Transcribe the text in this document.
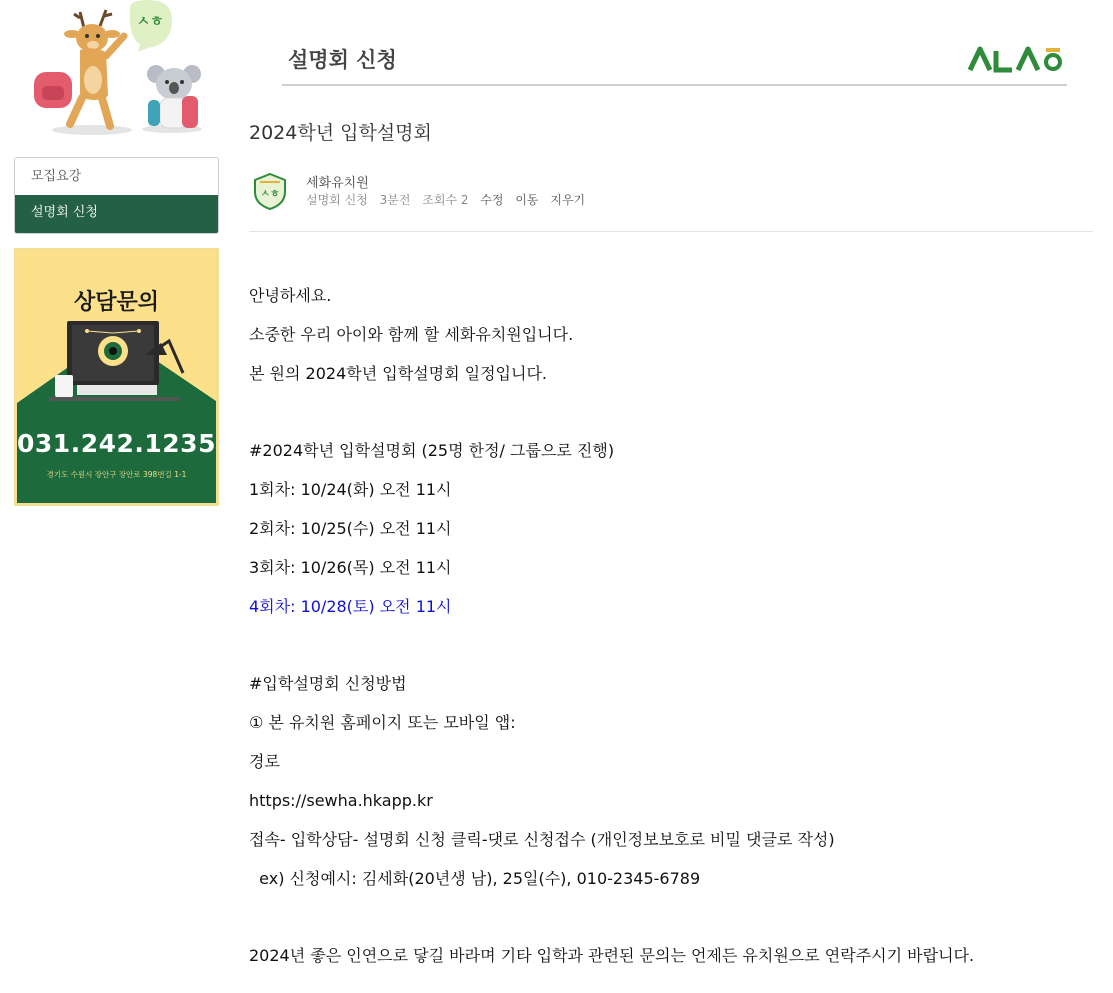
ㅅㅎ
모집요강
설명회 신청
상담문의
031.242.1235
경기도 수원시 장안구 장안로 398번길 1-1
설명회 신청
2024학년 입학설명회
ㅅㅎ
세화유치원
설명회 신청 3분전 조회수 2 수정 이동 지우기

안녕하세요.

소중한 우리 아이와 함께 할 세화유치원입니다.

본 원의 2024학년 입학설명회 일정입니다.

#2024학년 입학설명회 (25명 한정/ 그룹으로 진행)

1회차: 10/24(화) 오전 11시

2회차: 10/25(수) 오전 11시

3회차: 10/26(목) 오전 11시

4회차: 10/28(토) 오전 11시

#입학설명회 신청방법

① 본 유치원 홈페이지 또는 모바일 앱:

경로

https://sewha.hkapp.kr

접속- 입학상담- 설명회 신청 클릭-댓로 신청접수 (개인정보보호로 비밀 댓글로 작성)

ex) 신청예시: 김세화(20년생 남), 25일(수), 010-2345-6789

2024년 좋은 인연으로 닿길 바라며 기타 입학과 관련된 문의는 언제든 유치원으로 연락주시기 바랍니다.
